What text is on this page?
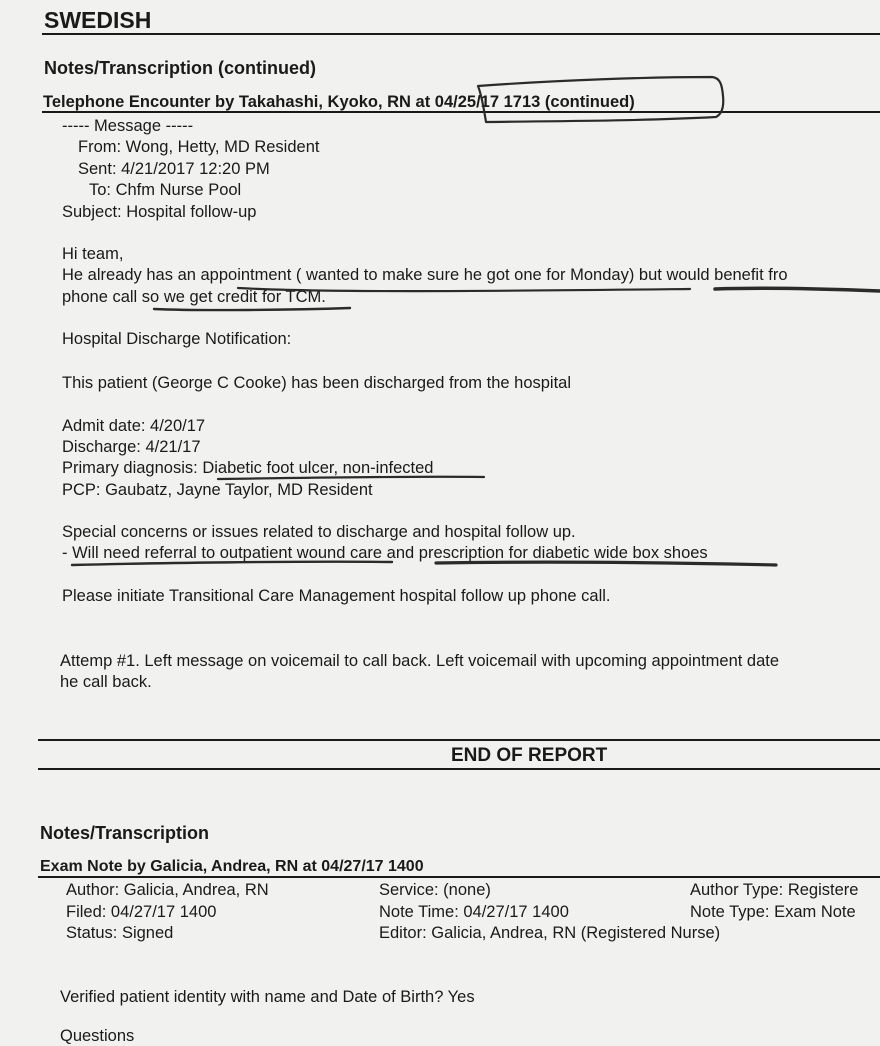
SWEDISH
Notes/Transcription (continued)
Telephone Encounter by Takahashi, Kyoko, RN at 04/25/17 1713 (continued)
----- Message -----
From: Wong, Hetty, MD Resident
Sent: 4/21/2017 12:20 PM
To: Chfm Nurse Pool
Subject: Hospital follow-up
Hi team,
He already has an appointment ( wanted to make sure he got one for Monday) but would benefit fro
phone call so we get credit for TCM.
Hospital Discharge Notification:
This patient (George C Cooke) has been discharged from the hospital
Admit date: 4/20/17
Discharge: 4/21/17
Primary diagnosis: Diabetic foot ulcer, non-infected
PCP: Gaubatz, Jayne Taylor, MD Resident
Special concerns or issues related to discharge and hospital follow up.
- Will need referral to outpatient wound care and prescription for diabetic wide box shoes
Please initiate Transitional Care Management hospital follow up phone call.
Attemp #1. Left message on voicemail to call back. Left voicemail with upcoming appointment date
he call back.
END OF REPORT
Notes/Transcription
Exam Note by Galicia, Andrea, RN at 04/27/17 1400
Author: Galicia, Andrea, RN
Filed: 04/27/17 1400
Status: Signed
Service: (none)
Note Time: 04/27/17 1400
Editor: Galicia, Andrea, RN (Registered Nurse)
Author Type: Registere
Note Type: Exam Note
Verified patient identity with name and Date of Birth? Yes
Questions
